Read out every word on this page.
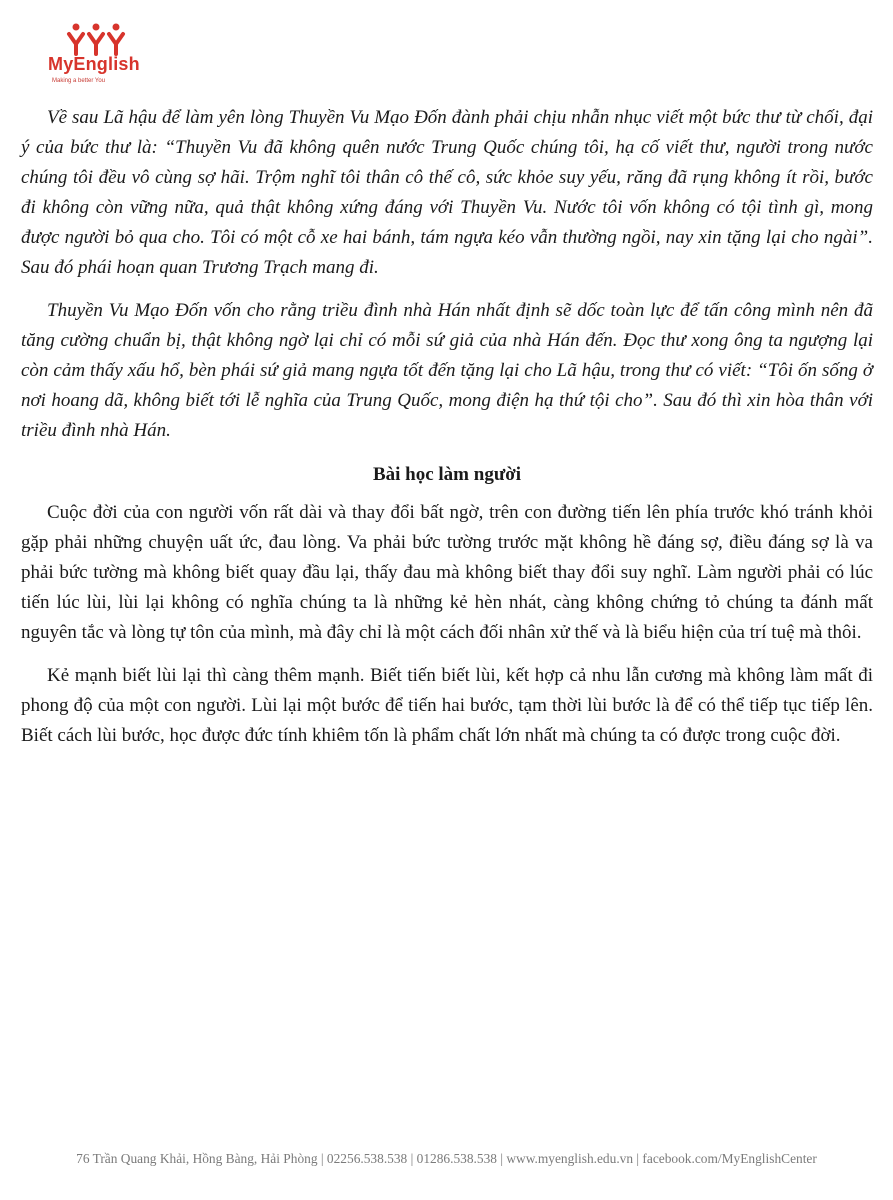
MyEnglish
Making a better You

Về sau Lã hậu để làm yên lòng Thuyền Vu Mạo Đốn đành phải chịu nhẫn nhục viết một bức thư từ chối, đại ý của bức thư là: “Thuyền Vu đã không quên nước Trung Quốc chúng tôi, hạ cố viết thư, người trong nước chúng tôi đều vô cùng sợ hãi. Trộm nghĩ tôi thân cô thế cô, sức khỏe suy yếu, răng đã rụng không ít rồi, bước đi không còn vững nữa, quả thật không xứng đáng với Thuyền Vu. Nước tôi vốn không có tội tình gì, mong được người bỏ qua cho. Tôi có một cỗ xe hai bánh, tám ngựa kéo vẫn thường ngồi, nay xin tặng lại cho ngài”. Sau đó phái hoạn quan Trương Trạch mang đi.

Thuyền Vu Mạo Đốn vốn cho rằng triều đình nhà Hán nhất định sẽ dốc toàn lực để tấn công mình nên đã tăng cường chuẩn bị, thật không ngờ lại chỉ có mỗi sứ giả của nhà Hán đến. Đọc thư xong ông ta ngượng lại còn cảm thấy xấu hổ, bèn phái sứ giả mang ngựa tốt đến tặng lại cho Lã hậu, trong thư có viết: “Tôi ốn sống ở nơi hoang dã, không biết tới lễ nghĩa của Trung Quốc, mong điện hạ thứ tội cho”. Sau đó thì xin hòa thân với triều đình nhà Hán.

Bài học làm người

Cuộc đời của con người vốn rất dài và thay đổi bất ngờ, trên con đường tiến lên phía trước khó tránh khỏi gặp phải những chuyện uất ức, đau lòng. Va phải bức tường trước mặt không hề đáng sợ, điều đáng sợ là va phải bức tường mà không biết quay đầu lại, thấy đau mà không biết thay đổi suy nghĩ. Làm người phải có lúc tiến lúc lùi, lùi lại không có nghĩa chúng ta là những kẻ hèn nhát, càng không chứng tỏ chúng ta đánh mất nguyên tắc và lòng tự tôn của mình, mà đây chỉ là một cách đối nhân xử thế và là biểu hiện của trí tuệ mà thôi.

Kẻ mạnh biết lùi lại thì càng thêm mạnh. Biết tiến biết lùi, kết hợp cả nhu lẫn cương mà không làm mất đi phong độ của một con người. Lùi lại một bước để tiến hai bước, tạm thời lùi bước là để có thể tiếp tục tiếp lên. Biết cách lùi bước, học được đức tính khiêm tốn là phẩm chất lớn nhất mà chúng ta có được trong cuộc đời.

76 Trần Quang Khải, Hồng Bàng, Hải Phòng | 02256.538.538 | 01286.538.538 | www.myenglish.edu.vn | facebook.com/MyEnglishCenter
